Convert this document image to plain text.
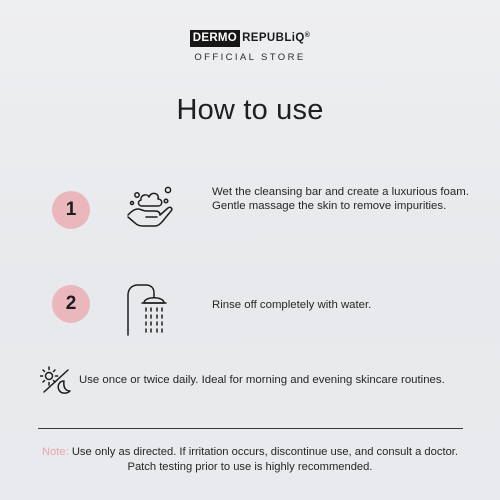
DERMO REPUBLiQ®
OFFICIAL STORE
How to use
1

Wet the cleansing bar and create a luxurious foam. Gentle massage the skin to remove impurities.

2	Rinse off completely with water.

Use once or twice daily. Ideal for morning and evening skincare routines.

Note: Use only as directed. If irritation occurs, discontinue use, and consult a doctor.
Patch testing prior to use is highly recommended.
